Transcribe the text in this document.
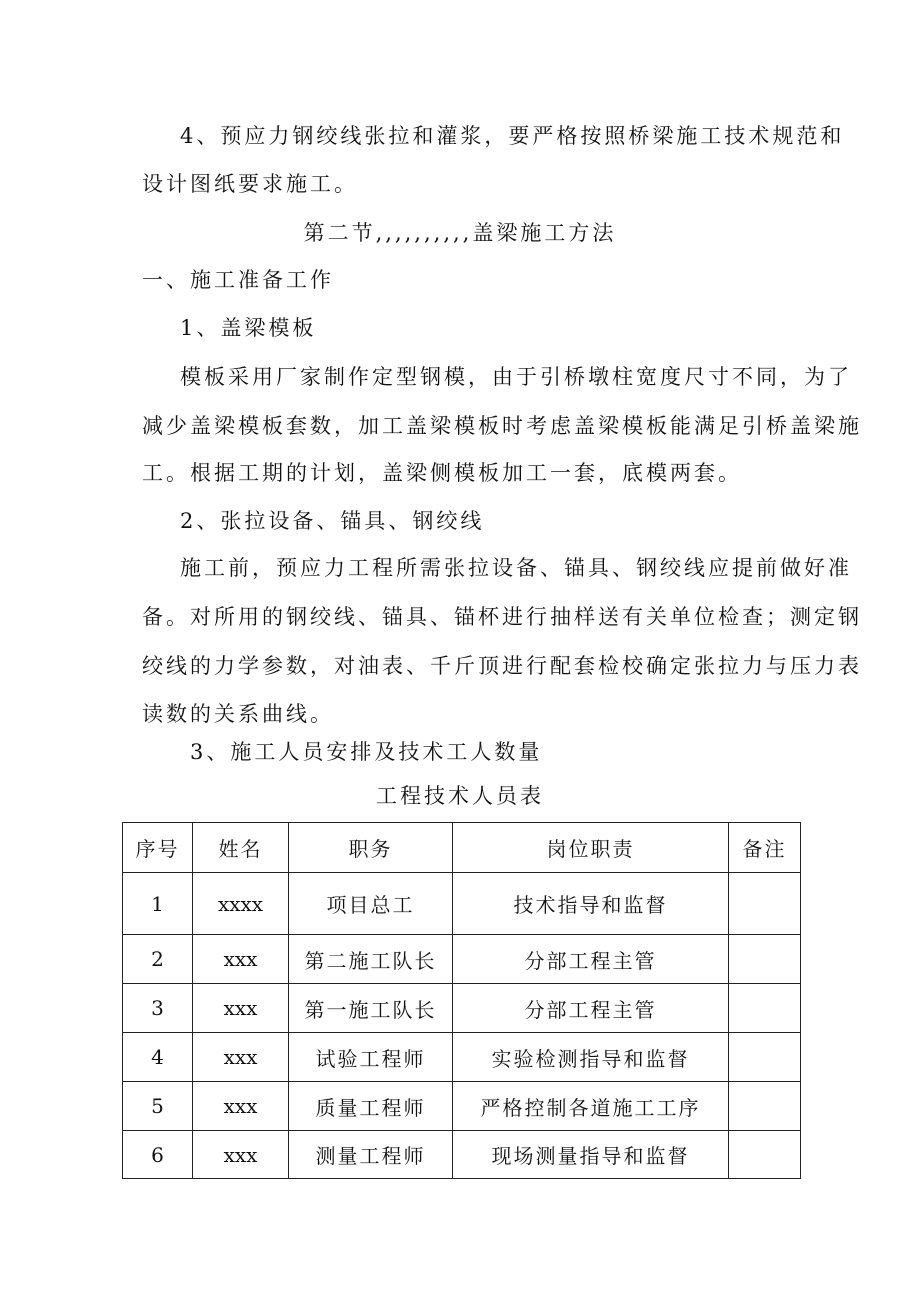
4、预应力钢绞线张拉和灌浆，要严格按照桥梁施工技术规范和
设计图纸要求施工。
第二节,,,,,,,,,,盖梁施工方法
一、施工准备工作
1、盖梁模板
模板采用厂家制作定型钢模，由于引桥墩柱宽度尺寸不同，为了
减少盖梁模板套数，加工盖梁模板时考虑盖梁模板能满足引桥盖梁施
工。根据工期的计划，盖梁侧模板加工一套，底模两套。
2、张拉设备、锚具、钢绞线
施工前，预应力工程所需张拉设备、锚具、钢绞线应提前做好准
备。对所用的钢绞线、锚具、锚杯进行抽样送有关单位检查；测定钢
绞线的力学参数，对油表、千斤顶进行配套检校确定张拉力与压力表
读数的关系曲线。
3、施工人员安排及技术工人数量
工程技术人员表
序号	姓名	职务	岗位职责	备注
1	xxxx	项目总工	技术指导和监督	
2	xxx	第二施工队长	分部工程主管	
3	xxx	第一施工队长	分部工程主管	
4	xxx	试验工程师	实验检测指导和监督	
5	xxx	质量工程师	严格控制各道施工工序	
6	xxx	测量工程师	现场测量指导和监督	
